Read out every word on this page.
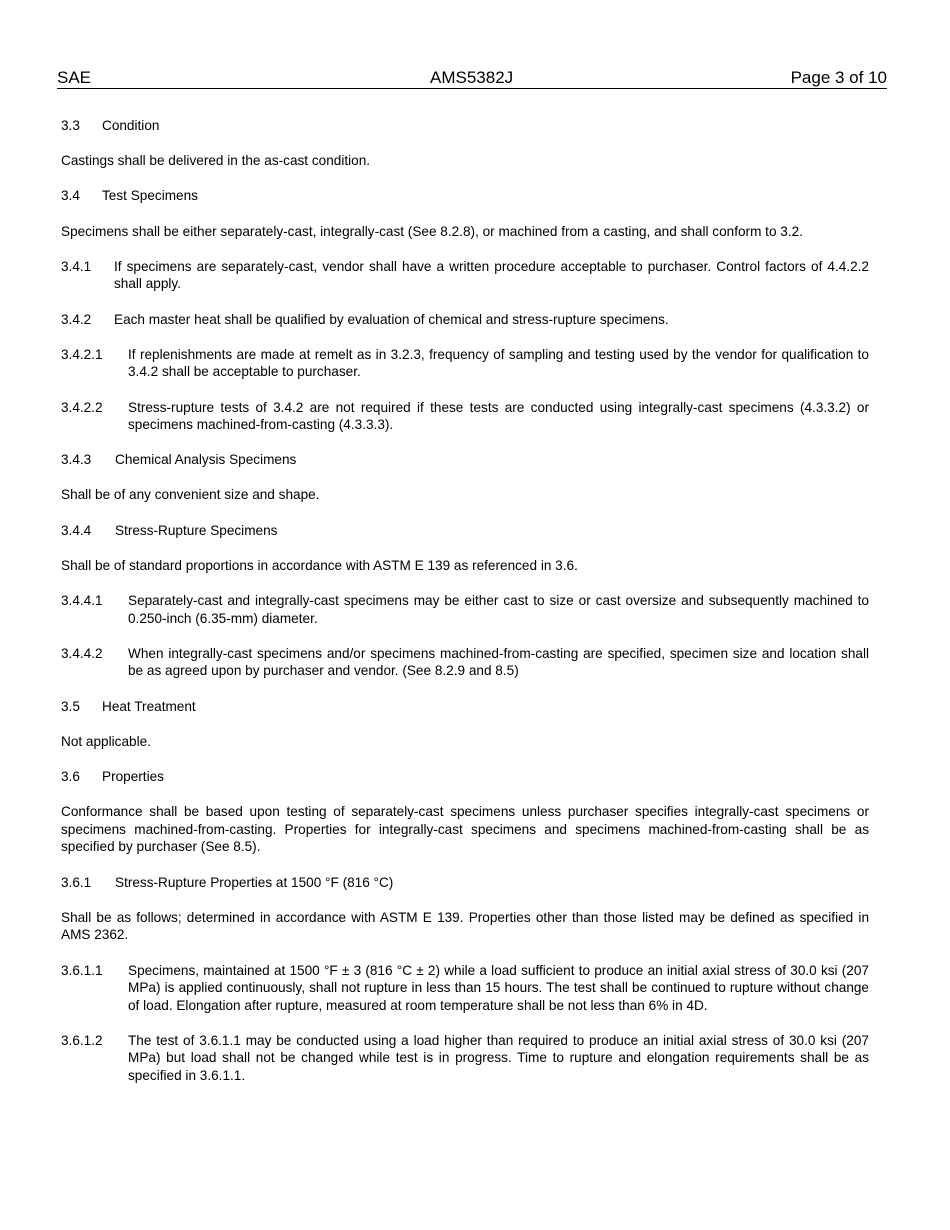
SAE	AMS5382J	Page 3 of 10
3.3 Condition
Castings shall be delivered in the as-cast condition.
3.4 Test Specimens
Specimens shall be either separately-cast, integrally-cast (See 8.2.8), or machined from a casting, and shall conform to 3.2.
3.4.1 If specimens are separately-cast, vendor shall have a written procedure acceptable to purchaser. Control factors of 4.4.2.2 shall apply.
3.4.2 Each master heat shall be qualified by evaluation of chemical and stress-rupture specimens.
3.4.2.1 If replenishments are made at remelt as in 3.2.3, frequency of sampling and testing used by the vendor for qualification to 3.4.2 shall be acceptable to purchaser.
3.4.2.2 Stress-rupture tests of 3.4.2 are not required if these tests are conducted using integrally-cast specimens (4.3.3.2) or specimens machined-from-casting (4.3.3.3).
3.4.3 Chemical Analysis Specimens
Shall be of any convenient size and shape.
3.4.4 Stress-Rupture Specimens
Shall be of standard proportions in accordance with ASTM E 139 as referenced in 3.6.
3.4.4.1 Separately-cast and integrally-cast specimens may be either cast to size or cast oversize and subsequently machined to 0.250-inch (6.35-mm) diameter.
3.4.4.2 When integrally-cast specimens and/or specimens machined-from-casting are specified, specimen size and location shall be as agreed upon by purchaser and vendor. (See 8.2.9 and 8.5)
3.5 Heat Treatment
Not applicable.
3.6 Properties
Conformance shall be based upon testing of separately-cast specimens unless purchaser specifies integrally-cast specimens or specimens machined-from-casting. Properties for integrally-cast specimens and specimens machined-from-casting shall be as specified by purchaser (See 8.5).
3.6.1 Stress-Rupture Properties at 1500 °F (816 °C)
Shall be as follows; determined in accordance with ASTM E 139. Properties other than those listed may be defined as specified in AMS 2362.
3.6.1.1 Specimens, maintained at 1500 °F ± 3 (816 °C ± 2) while a load sufficient to produce an initial axial stress of 30.0 ksi (207 MPa) is applied continuously, shall not rupture in less than 15 hours. The test shall be continued to rupture without change of load. Elongation after rupture, measured at room temperature shall be not less than 6% in 4D.
3.6.1.2 The test of 3.6.1.1 may be conducted using a load higher than required to produce an initial axial stress of 30.0 ksi (207 MPa) but load shall not be changed while test is in progress. Time to rupture and elongation requirements shall be as specified in 3.6.1.1.
